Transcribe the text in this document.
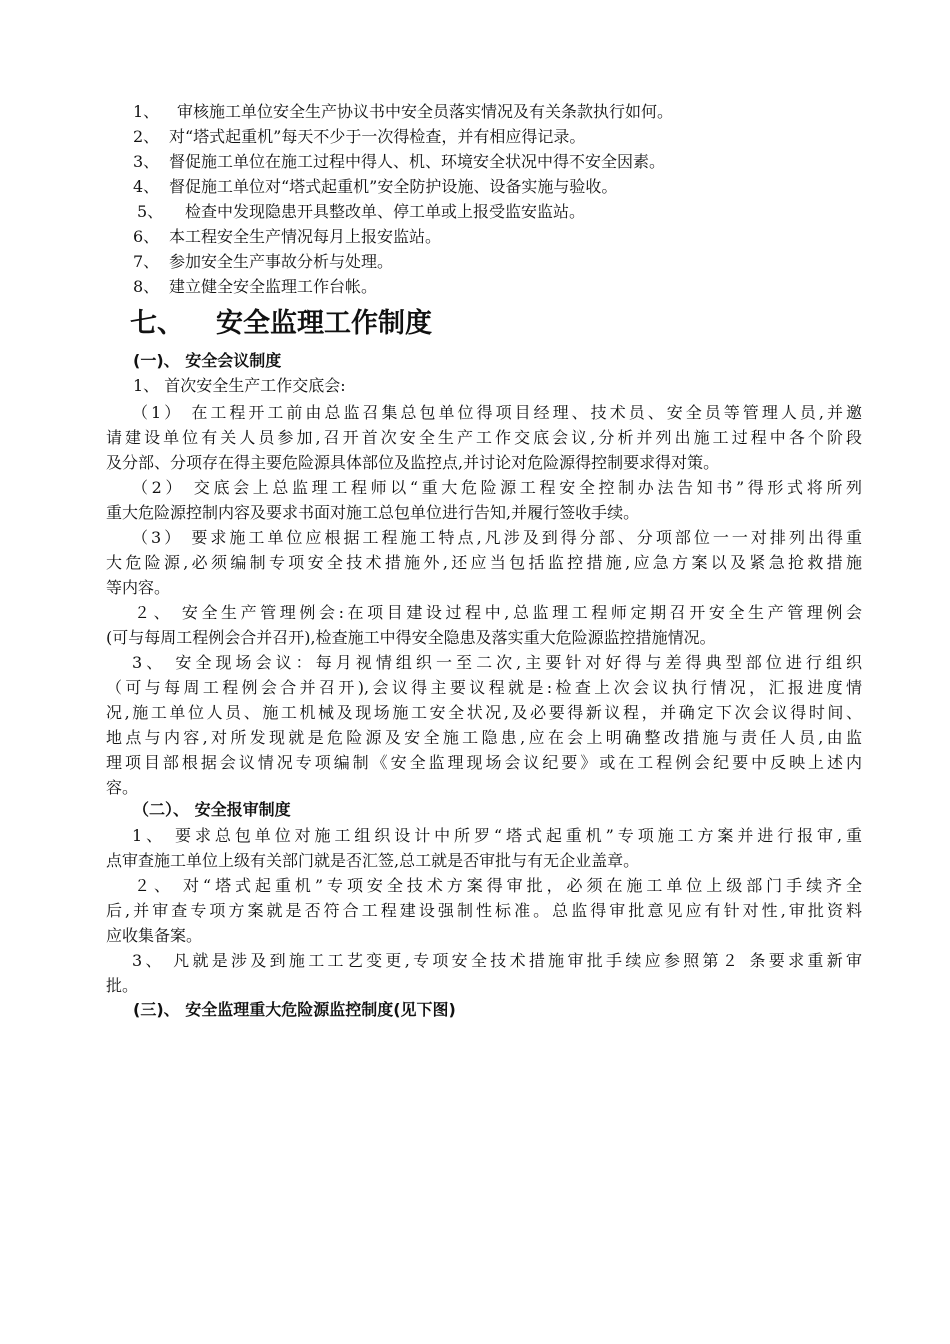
1、 审核施工单位安全生产协议书中安全员落实情况及有关条款执行如何。
2、 对“塔式起重机”每天不少于一次得检查，并有相应得记录。
3、 督促施工单位在施工过程中得人、机、环境安全状况中得不安全因素。
4、 督促施工单位对“塔式起重机”安全防护设施、设备实施与验收。
5、 检查中发现隐患开具整改单、停工单或上报受监安监站。
6、 本工程安全生产情况每月上报安监站。
7、 参加安全生产事故分析与处理。
8、 建立健全安全监理工作台帐。
七、 安全监理工作制度
(一)、 安全会议制度
1、 首次安全生产工作交底会:
（1） 在工程开工前由总监召集总包单位得项目经理、技术员、安全员等管理人员,并邀
请建设单位有关人员参加,召开首次安全生产工作交底会议,分析并列出施工过程中各个阶段
及分部、分项存在得主要危险源具体部位及监控点,并讨论对危险源得控制要求得对策。
（2） 交底会上总监理工程师以“重大危险源工程安全控制办法告知书”得形式将所列
重大危险源控制内容及要求书面对施工总包单位进行告知,并履行签收手续。
（3） 要求施工单位应根据工程施工特点,凡涉及到得分部、分项部位一一对排列出得重
大危险源,必须编制专项安全技术措施外,还应当包括监控措施,应急方案以及紧急抢救措施
等内容。
２、 安全生产管理例会:在项目建设过程中,总监理工程师定期召开安全生产管理例会
(可与每周工程例会合并召开),检查施工中得安全隐患及落实重大危险源监控措施情况。
3、 安全现场会议：每月视情组织一至二次,主要针对好得与差得典型部位进行组织
（可与每周工程例会合并召开),会议得主要议程就是:检查上次会议执行情况，汇报进度情
况,施工单位人员、施工机械及现场施工安全状况,及必要得新议程，并确定下次会议得时间、
地点与内容,对所发现就是危险源及安全施工隐患,应在会上明确整改措施与责任人员,由监
理项目部根据会议情况专项编制《安全监理现场会议纪要》或在工程例会纪要中反映上述内
容。
（二）、 安全报审制度
1、 要求总包单位对施工组织设计中所罗“塔式起重机”专项施工方案并进行报审,重
点审查施工单位上级有关部门就是否汇签,总工就是否审批与有无企业盖章。
２、 对“塔式起重机”专项安全技术方案得审批，必须在施工单位上级部门手续齐全
后,并审查专项方案就是否符合工程建设强制性标准。总监得审批意见应有针对性,审批资料
应收集备案。
3、 凡就是涉及到施工工艺变更,专项安全技术措施审批手续应参照第２ 条要求重新审
批。
(三)、 安全监理重大危险源监控制度(见下图)
